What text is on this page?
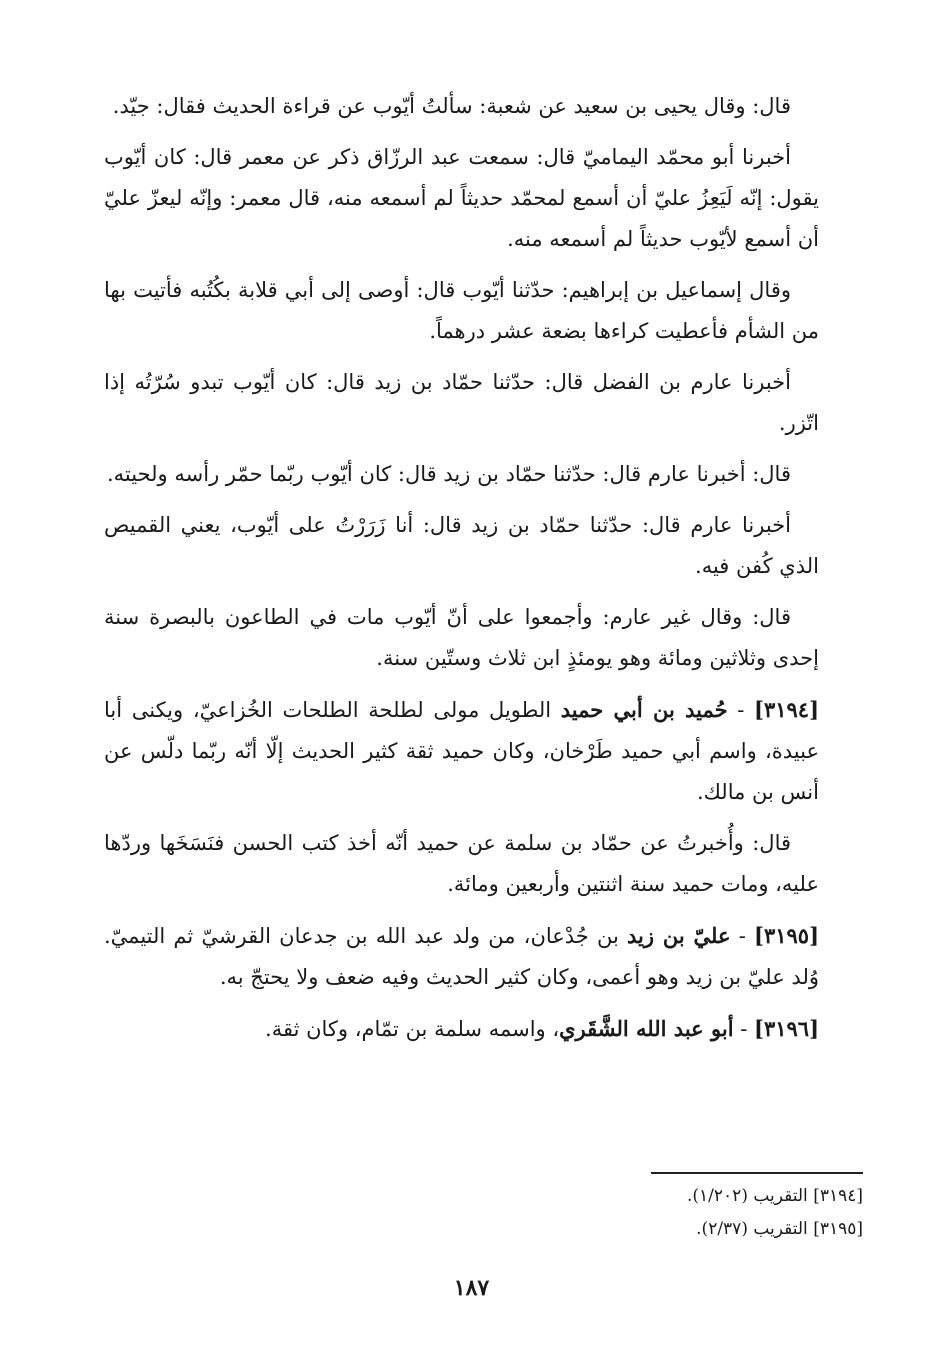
قال: وقال يحيى بن سعيد عن شعبة: سألتُ أيّوب عن قراءة الحديث فقال: جيّد.

أخبرنا أبو محمّد اليماميّ قال: سمعت عبد الرزّاق ذكر عن معمر قال: كان أيّوب يقول: إنّه لَيَعِزُ عليّ أن أسمع لمحمّد حديثاً لم أسمعه منه، قال معمر: وإنّه ليعزّ عليّ أن أسمع لأيّوب حديثاً لم أسمعه منه.

وقال إسماعيل بن إبراهيم: حدّثنا أيّوب قال: أوصى إلى أبي قلابة بكُتُبه فأتيت بها من الشأم فأعطيت كراءها بضعة عشر درهماً.

أخبرنا عارم بن الفضل قال: حدّثنا حمّاد بن زيد قال: كان أيّوب تبدو سُرّتُه إذا اتّزر.

قال: أخبرنا عارم قال: حدّثنا حمّاد بن زيد قال: كان أيّوب ربّما حمّر رأسه ولحيته.

أخبرنا عارم قال: حدّثنا حمّاد بن زيد قال: أنا زَرَرْتُ على أيّوب، يعني القميص الذي كُفن فيه.

قال: وقال غير عارم: وأجمعوا على أنّ أيّوب مات في الطاعون بالبصرة سنة إحدى وثلاثين ومائة وهو يومئذٍ ابن ثلاث وستّين سنة.

[٣١٩٤] - حُميد بن أبي حميد الطويل مولى لطلحة الطلحات الخُزاعيّ، ويكنى أبا عبيدة، واسم أبي حميد طَرْخان، وكان حميد ثقة كثير الحديث إلّا أنّه ربّما دلّس عن أنس بن مالك.

قال: وأُخبرتُ عن حمّاد بن سلمة عن حميد أنّه أخذ كتب الحسن فنَسَخَها وردّها عليه، ومات حميد سنة اثنتين وأربعين ومائة.

[٣١٩٥] - عليّ بن زيد بن جُدْعان، من ولد عبد الله بن جدعان القرشيّ ثم التيميّ. وُلد عليّ بن زيد وهو أعمى، وكان كثير الحديث وفيه ضعف ولا يحتجّ به.

[٣١٩٦] - أبو عبد الله الشَّقَري، واسمه سلمة بن تمّام، وكان ثقة.

[٣١٩٤] التقريب (١/٢٠٢).

[٣١٩٥] التقريب (٢/٣٧).

١٨٧
